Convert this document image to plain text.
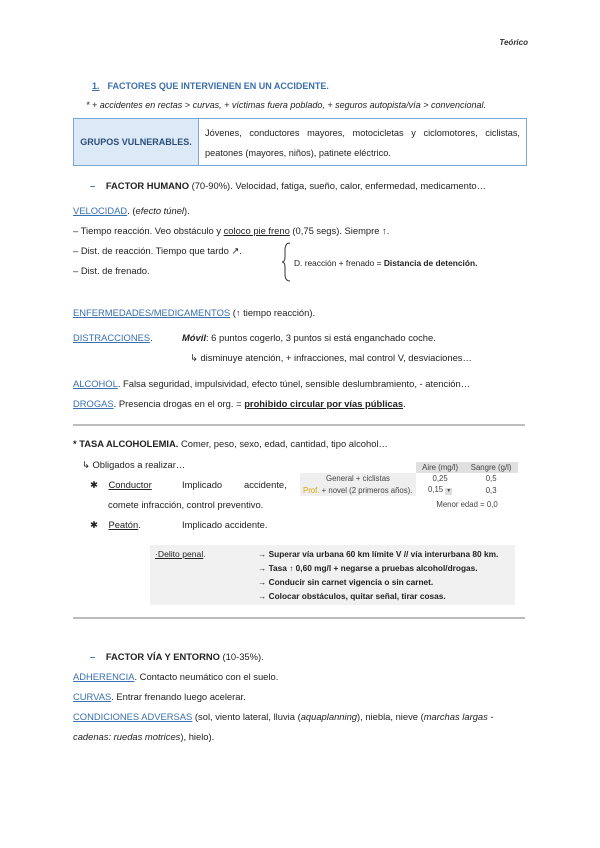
Teórico
1. FACTORES QUE INTERVIENEN EN UN ACCIDENTE.
* + accidentes en rectas > curvas, + víctimas fuera poblado, + seguros autopista/vía > convencional.
GRUPOS VULNERABLES.
Jóvenes, conductores mayores, motocicletas y ciclomotores, ciclistas, peatones (mayores, niños), patinete eléctrico.
– FACTOR HUMANO (70-90%). Velocidad, fatiga, sueño, calor, enfermedad, medicamento…
VELOCIDAD. (efecto túnel).
– Tiempo reacción. Veo obstáculo y coloco pie freno (0,75 segs). Siempre ↑.
– Dist. de reacción. Tiempo que tardo ↗.
– Dist. de frenado.
D. reacción + frenado = Distancia de detención.
ENFERMEDADES/MEDICAMENTOS (↑ tiempo reacción).
DISTRACCIONES.	Móvil: 6 puntos cogerlo, 3 puntos si está enganchado coche.
↳ disminuye atención, + infracciones, mal control V, desviaciones…
ALCOHOL. Falsa seguridad, impulsividad, efecto túnel, sensible deslumbramiento, - atención…
DROGAS. Presencia drogas en el org. = prohibido circular por vías públicas.
* TASA ALCOHOLEMIA. Comer, peso, sexo, edad, cantidad, tipo alcohol…
↳ Obligados a realizar…
✱ Conductor	Implicado accidente,
comete infracción, control preventivo.
✱ Peatón.	Implicado accidente.
	Aire (mg/l)	Sangre (g/l)
General + ciclistas	0,25	0,5
Prof. + novel (2 primeros años).	0,15 ▾	0,3
	Menor edad = 0,0	
·Delito penal.	→ Superar vía urbana 60 km límite V // vía interurbana 80 km.
→ Tasa ↑ 0,60 mg/l + negarse a pruebas alcohol/drogas.
→ Conducir sin carnet vigencia o sin carnet.
→ Colocar obstáculos, quitar señal, tirar cosas.
– FACTOR VÍA Y ENTORNO (10-35%).
ADHERENCIA. Contacto neumático con el suelo.
CURVAS. Entrar frenando luego acelerar.
CONDICIONES ADVERSAS (sol, viento lateral, lluvia (aquaplanning), niebla, nieve (marchas largas -
cadenas: ruedas motrices), hielo).
